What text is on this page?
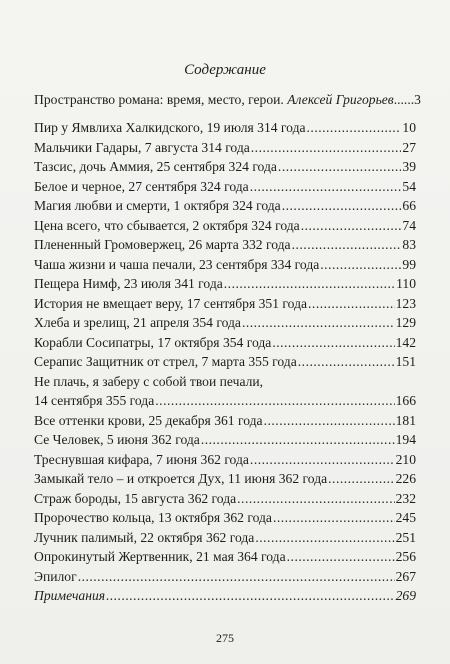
Содержание
Пространство романа: время, место, герои. Алексей Григорьев......3
Пир у Ямвлиха Халкидского, 19 июля 314 года .....	10
Мальчики Гадары, 7 августа 314 года .....	27
Тазсис, дочь Аммия, 25 сентября 324 года .....	39
Белое и черное, 27 сентября 324 года .....	54
Магия любви и смерти, 1 октября 324 года .....	66
Цена всего, что сбывается, 2 октября 324 года .....	74
Плененный Громовержец, 26 марта 332 года .....	83
Чаша жизни и чаша печали, 23 сентября 334 года .....	99
Пещера Нимф, 23 июля 341 года .....	110
История не вмещает веру, 17 сентября 351 года .....	123
Хлеба и зрелищ, 21 апреля 354 года .....	129
Корабли Сосипатры, 17 октября 354 года .....	142
Серапис Защитник от стрел, 7 марта 355 года .....	151
Не плачь, я заберу с собой твои печали,
14 сентября 355 года .....	166
Все оттенки крови, 25 декабря 361 года .....	181
Се Человек, 5 июня 362 года .....	194
Треснувшая кифара, 7 июня 362 года .....	210
Замыкай тело – и откроется Дух, 11 июня 362 года .....	226
Страж бороды, 15 августа 362 года .....	232
Пророчество кольца, 13 октября 362 года .....	245
Лучник палимый, 22 октября 362 года .....	251
Опрокинутый Жертвенник, 21 мая 364 года .....	256
Эпилог .....	267
Примечания .....	269
275
